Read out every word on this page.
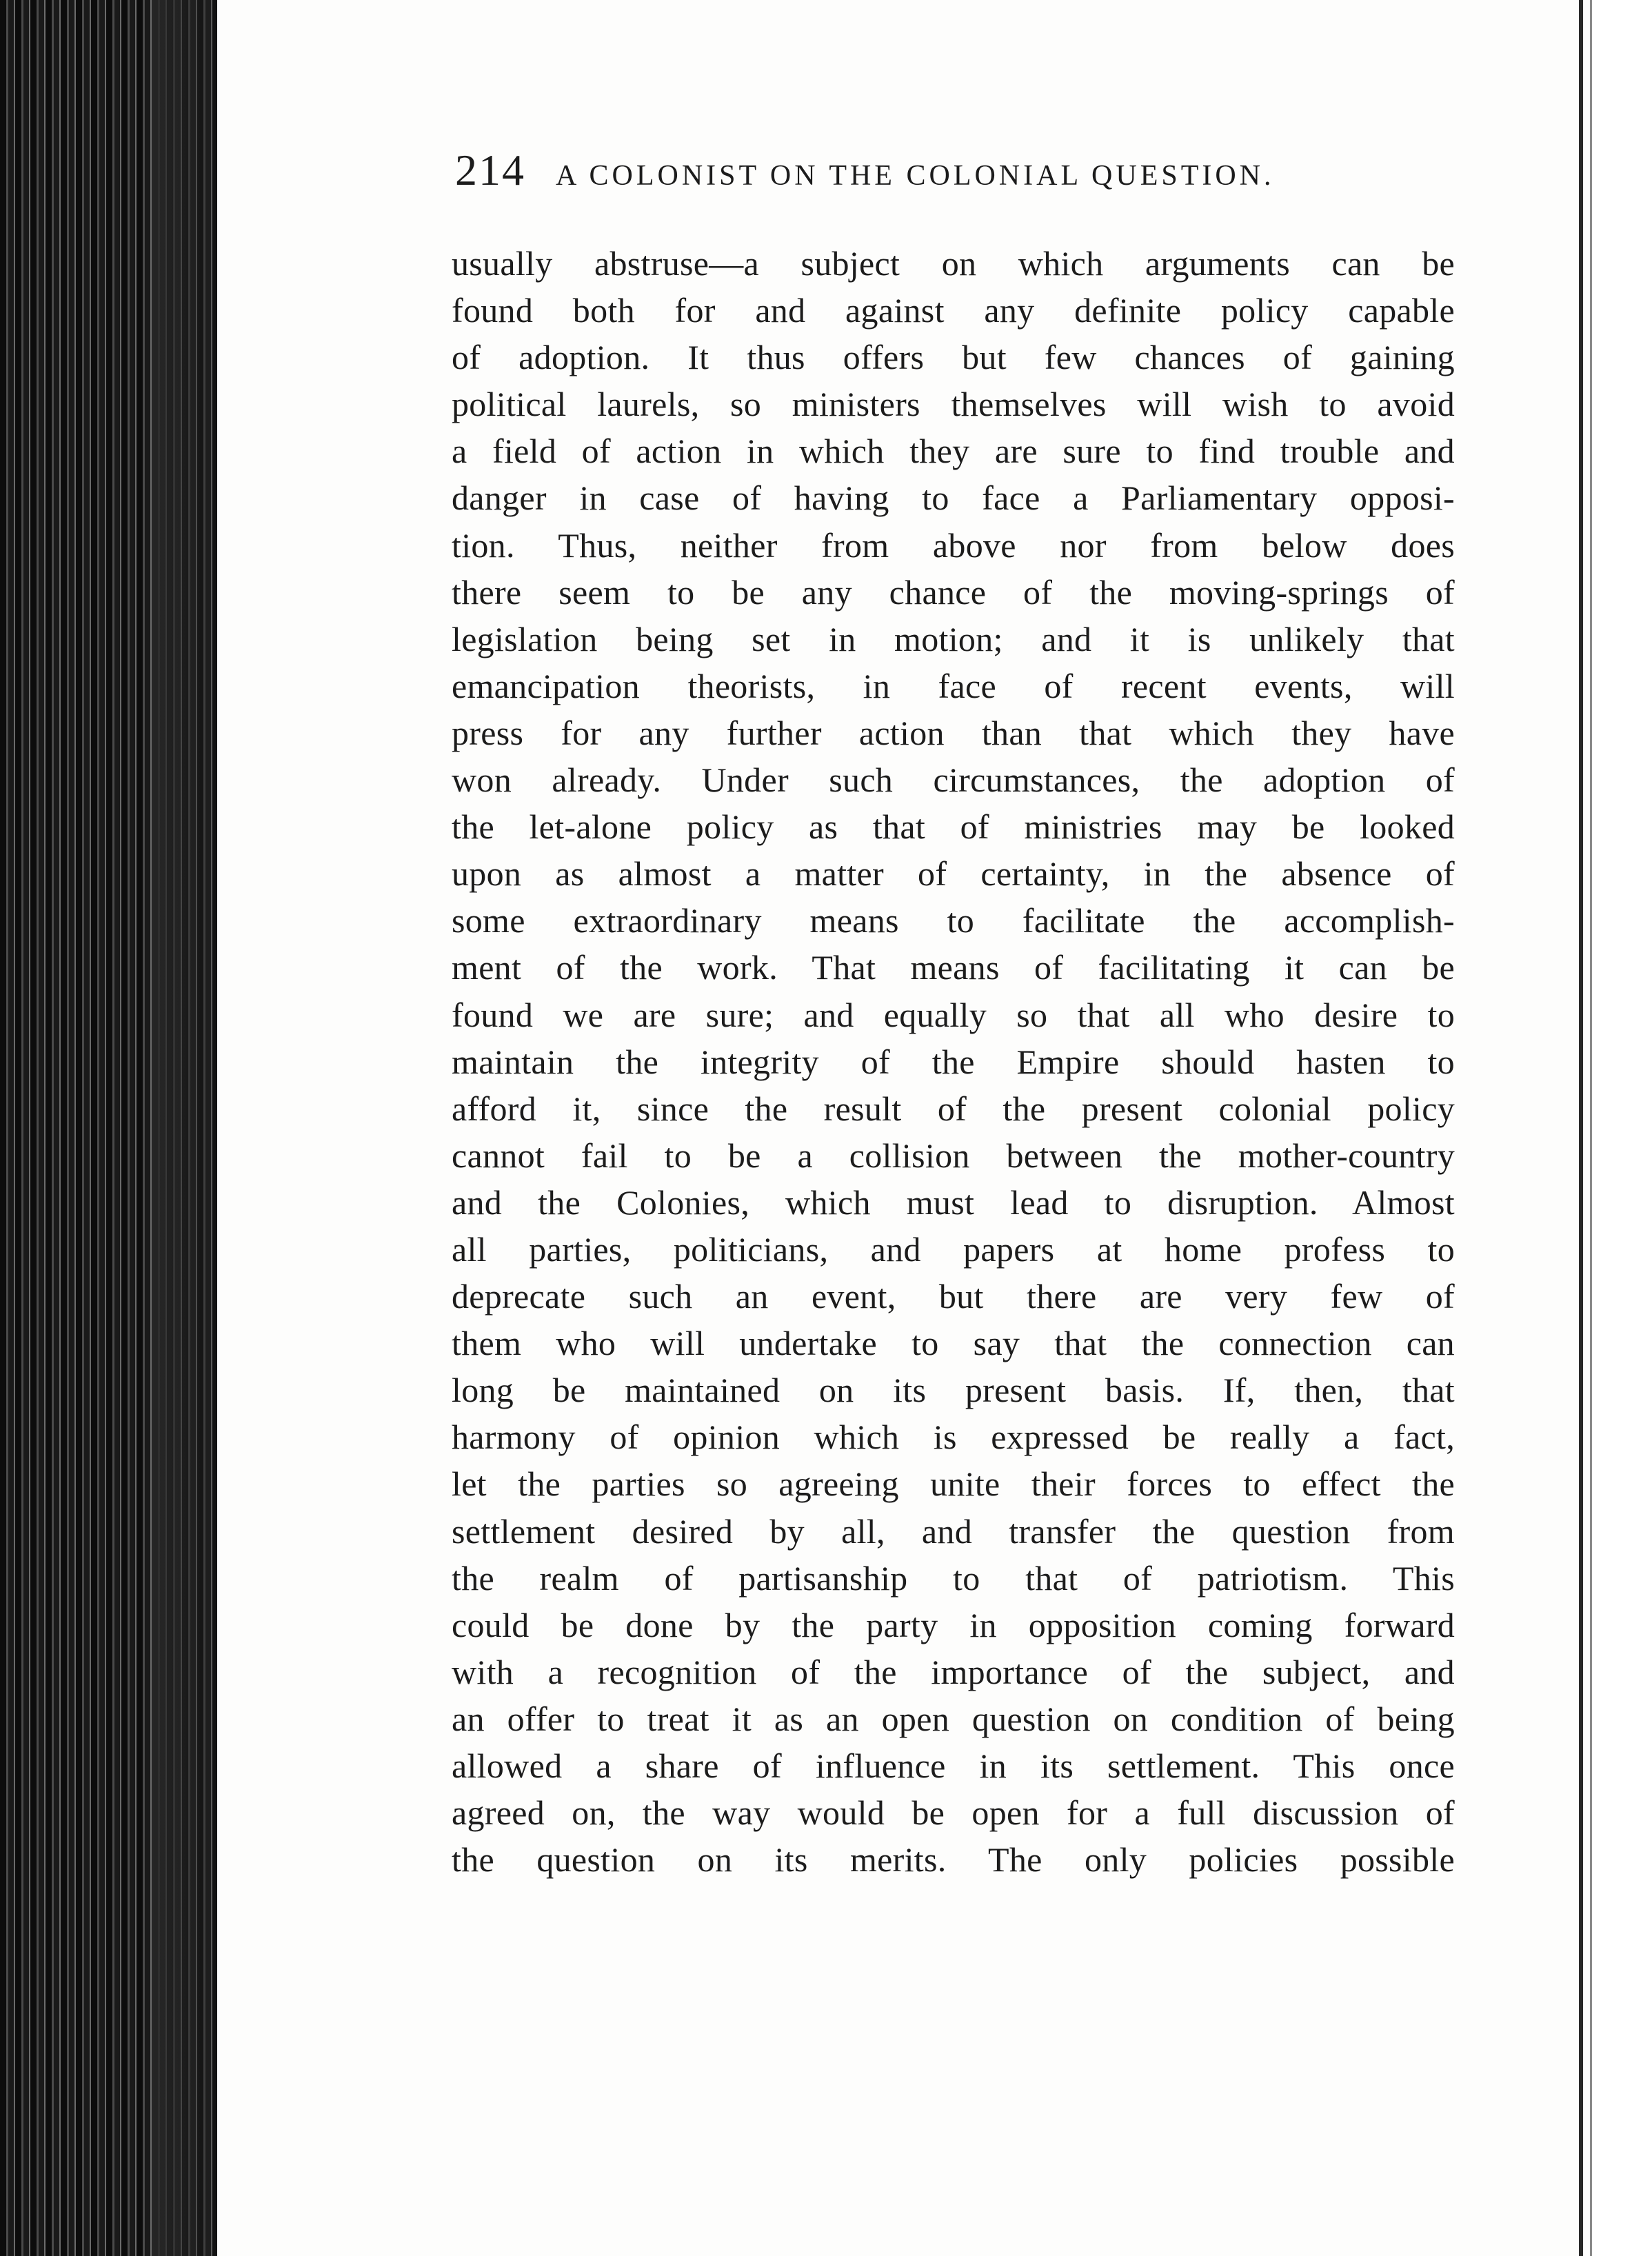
214 A COLONIST ON THE COLONIAL QUESTION.
usually abstruse—a subject on which arguments can be
found both for and against any definite policy capable
of adoption. It thus offers but few chances of gaining
political laurels, so ministers themselves will wish to avoid
a field of action in which they are sure to find trouble and
danger in case of having to face a Parliamentary opposi-
tion. Thus, neither from above nor from below does
there seem to be any chance of the moving-springs of
legislation being set in motion; and it is unlikely that
emancipation theorists, in face of recent events, will
press for any further action than that which they have
won already. Under such circumstances, the adoption of
the let-alone policy as that of ministries may be looked
upon as almost a matter of certainty, in the absence of
some extraordinary means to facilitate the accomplish-
ment of the work. That means of facilitating it can be
found we are sure; and equally so that all who desire to
maintain the integrity of the Empire should hasten to
afford it, since the result of the present colonial policy
cannot fail to be a collision between the mother-country
and the Colonies, which must lead to disruption. Almost
all parties, politicians, and papers at home profess to
deprecate such an event, but there are very few of
them who will undertake to say that the connection can
long be maintained on its present basis. If, then, that
harmony of opinion which is expressed be really a fact,
let the parties so agreeing unite their forces to effect the
settlement desired by all, and transfer the question from
the realm of partisanship to that of patriotism. This
could be done by the party in opposition coming forward
with a recognition of the importance of the subject, and
an offer to treat it as an open question on condition of being
allowed a share of influence in its settlement. This once
agreed on, the way would be open for a full discussion of
the question on its merits. The only policies possible
